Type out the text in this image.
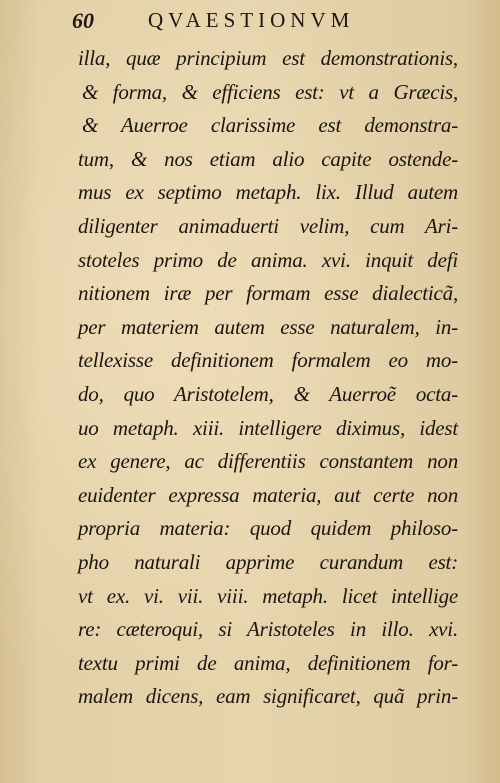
60	QVAESTIONVM
illa, quæ principium est demonstrationis,
& forma, & efficiens est: vt a Græcis,
& Auerroe clarissime est demonstra-
tum, & nos etiam alio capite ostende-
mus ex septimo metaph. lix. Illud autem
diligenter animaduerti velim, cum Ari-
stoteles primo de anima. xvi. inquit defi
nitionem iræ per formam esse dialecticã,
per materiem autem esse naturalem, in-
tellexisse definitionem formalem eo mo-
do, quo Aristotelem, & Auerroẽ octa-
uo metaph. xiii. intelligere diximus, idest
ex genere, ac differentiis constantem non
euidenter expressa materia, aut certe non
propria materia: quod quidem philoso-
pho naturali apprime curandum est:
vt ex. vi. vii. viii. metaph. licet intellige
re: cæteroqui, si Aristoteles in illo. xvi.
textu primi de anima, definitionem for-
malem dicens, eam significaret, quã prin-
